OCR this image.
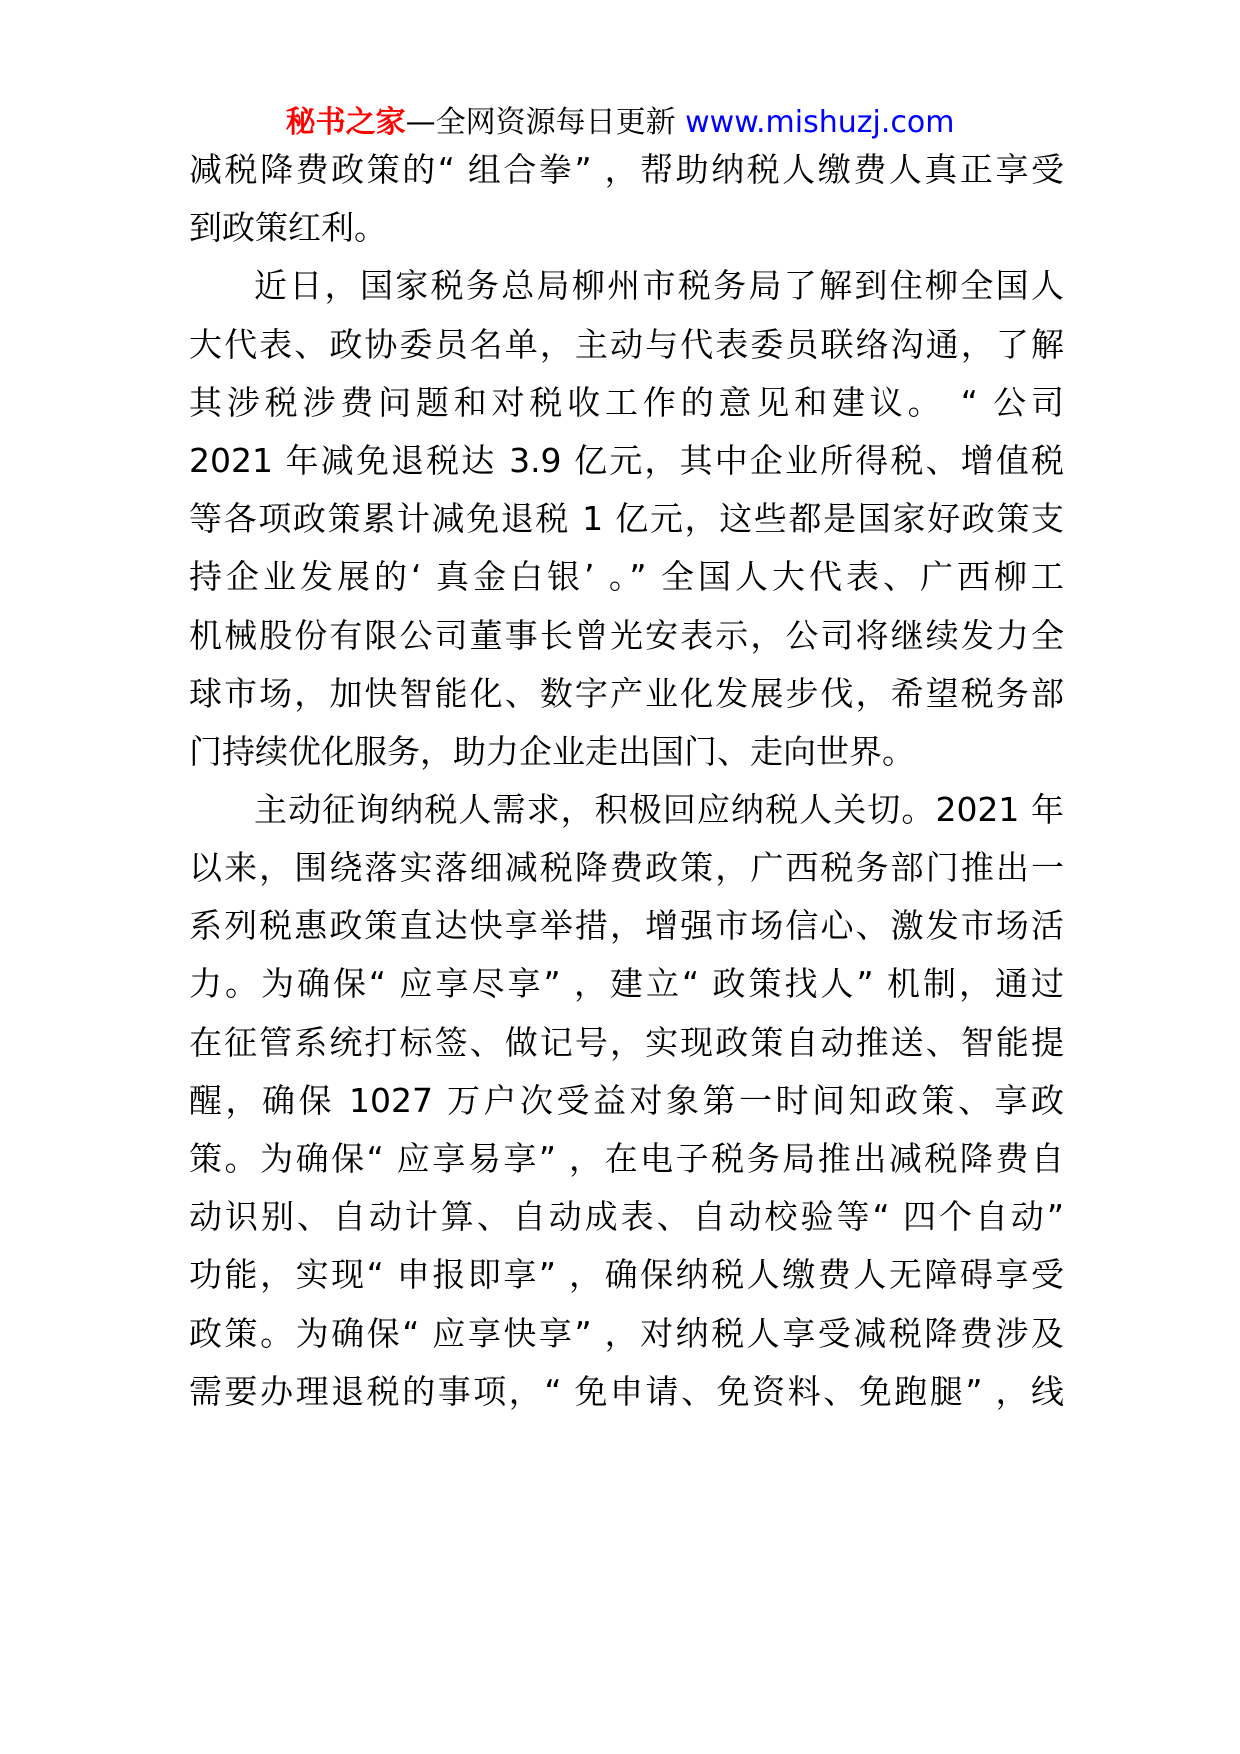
秘书之家—全网资源每日更新 www.mishuzj.com
减税降费政策的“ 组合拳” ，帮助纳税人缴费人真正享受
到政策红利。
近日，国家税务总局柳州市税务局了解到住柳全国人
大代表、政协委员名单，主动与代表委员联络沟通，了解
其涉税涉费问题和对税收工作的意见和建议。 “ 公司
2021 年减免退税达 3.9 亿元，其中企业所得税、增值税
等各项政策累计减免退税 1 亿元，这些都是国家好政策支
持企业发展的‘ 真金白银’ 。” 全国人大代表、广西柳工
机械股份有限公司董事长曾光安表示，公司将继续发力全
球市场，加快智能化、数字产业化发展步伐，希望税务部
门持续优化服务，助力企业走出国门、走向世界。
主动征询纳税人需求，积极回应纳税人关切。2021 年
以来，围绕落实落细减税降费政策，广西税务部门推出一
系列税惠政策直达快享举措，增强市场信心、激发市场活
力。为确保“ 应享尽享” ，建立“ 政策找人” 机制，通过
在征管系统打标签、做记号，实现政策自动推送、智能提
醒，确保 1027 万户次受益对象第一时间知政策、享政
策。为确保“ 应享易享” ，在电子税务局推出减税降费自
动识别、自动计算、自动成表、自动校验等“ 四个自动”
功能，实现“ 申报即享” ，确保纳税人缴费人无障碍享受
政策。为确保“ 应享快享” ，对纳税人享受减税降费涉及
需要办理退税的事项，“ 免申请、免资料、免跑腿” ，线
